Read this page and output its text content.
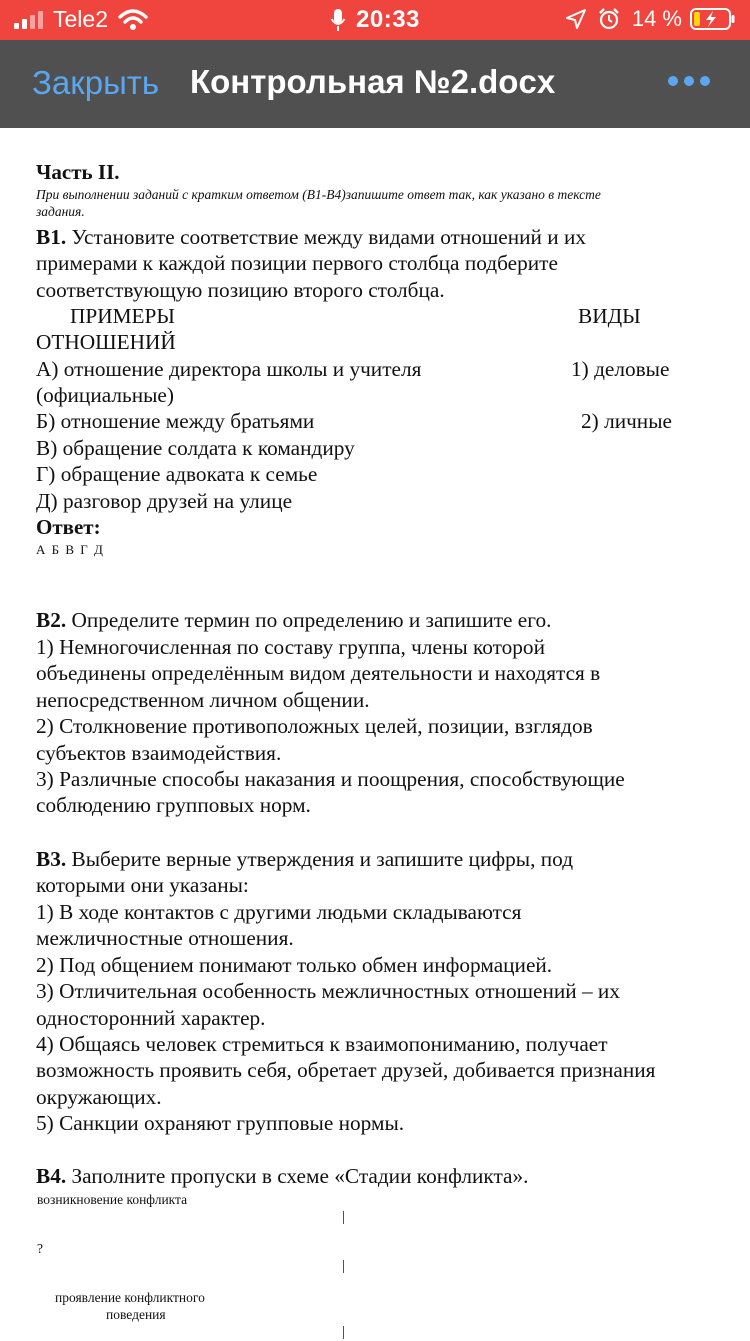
Tele2	20:33	14 %
Закрыть Контрольная №2.docx
Часть II.
При выполнении заданий с кратким ответом (В1-В4)запишите ответ так, как указано в тексте
задания.
В1. Установите соответствие между видами отношений и их
примерами к каждой позиции первого столбца подберите
соответствующую позицию второго столбца.
ПРИМЕРЫ	ВИДЫ
ОТНОШЕНИЙ
А) отношение директора школы и учителя	1) деловые
(официальные)
Б) отношение между братьями	2) личные
В) обращение солдата к командиру
Г) обращение адвоката к семье
Д) разговор друзей на улице
Ответ:
А Б В Г Д
В2. Определите термин по определению и запишите его.
1) Немногочисленная по составу группа, члены которой
объединены определённым видом деятельности и находятся в
непосредственном личном общении.
2) Столкновение противоположных целей, позиции, взглядов
субъектов взаимодействия.
3) Различные способы наказания и поощрения, способствующие
соблюдению групповых норм.
В3. Выберите верные утверждения и запишите цифры, под
которыми они указаны:
1) В ходе контактов с другими людьми складываются
межличностные отношения.
2) Под общением понимают только обмен информацией.
3) Отличительная особенность межличностных отношений – их
односторонний характер.
4) Общаясь человек стремиться к взаимопониманию, получает
возможность проявить себя, обретает друзей, добивается признания
окружающих.
5) Санкции охраняют групповые нормы.
В4. Заполните пропуски в схеме «Стадии конфликта».
возникновение конфликта
|
?
|
проявление конфликтного
поведения
|
